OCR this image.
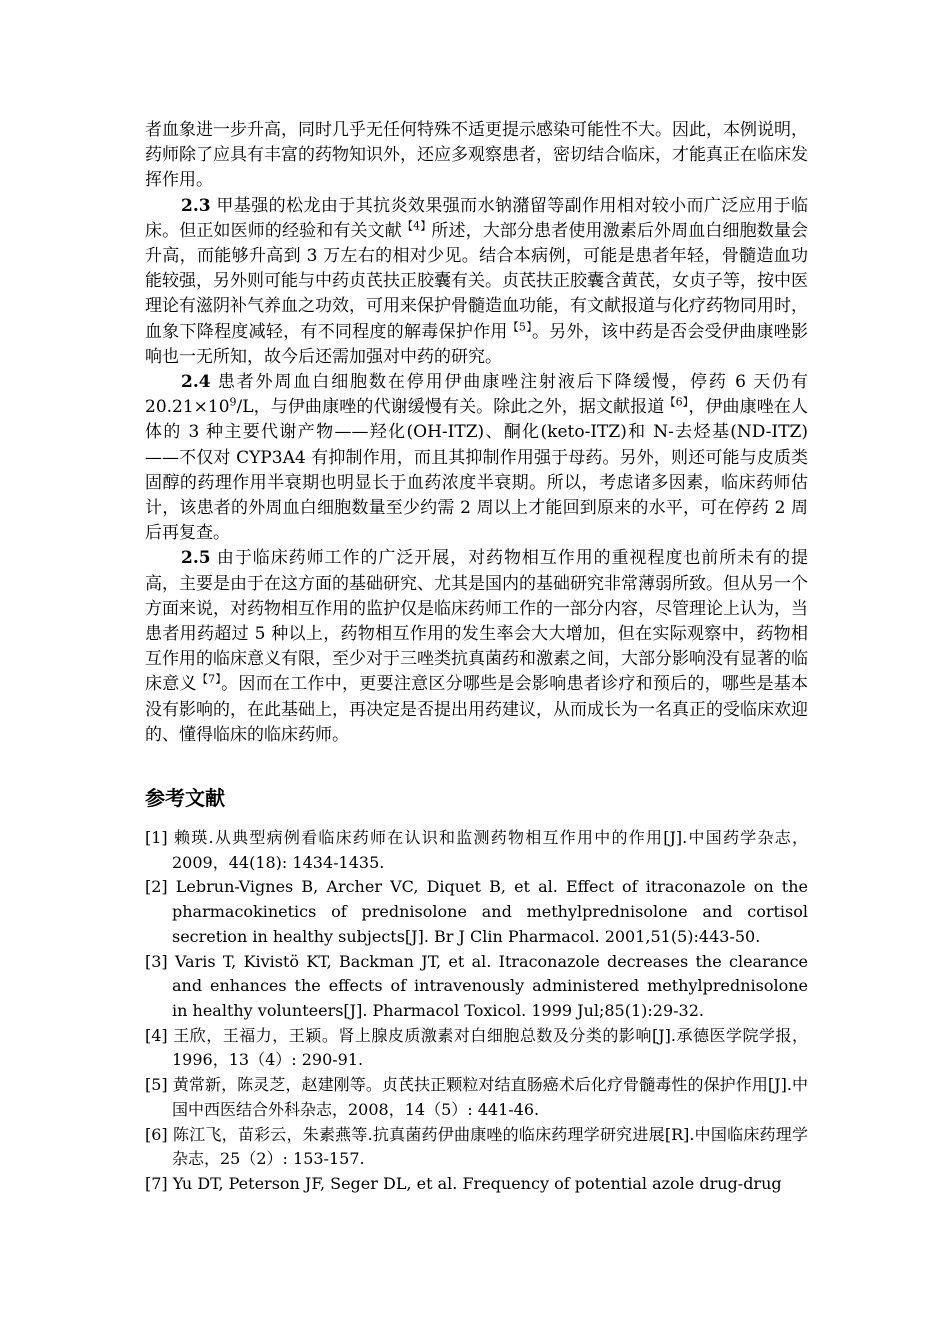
者血象进一步升高，同时几乎无任何特殊不适更提示感染可能性不大。因此，本例说明，药师除了应具有丰富的药物知识外，还应多观察患者，密切结合临床，才能真正在临床发挥作用。

2.3 甲基强的松龙由于其抗炎效果强而水钠潴留等副作用相对较小而广泛应用于临床。但正如医师的经验和有关文献$^{【4】}$所述，大部分患者使用激素后外周血白细胞数量会升高，而能够升高到 3 万左右的相对少见。结合本病例，可能是患者年轻，骨髓造血功能较强，另外则可能与中药贞芪扶正胶囊有关。贞芪扶正胶囊含黄芪，女贞子等，按中医理论有滋阴补气养血之功效，可用来保护骨髓造血功能，有文献报道与化疗药物同用时，血象下降程度减轻，有不同程度的解毒保护作用$^{【5】}$。另外，该中药是否会受伊曲康唑影响也一无所知，故今后还需加强对中药的研究。

2.4 患者外周血白细胞数在停用伊曲康唑注射液后下降缓慢，停药 6 天仍有 $20.21\times 10^9/L$，与伊曲康唑的代谢缓慢有关。除此之外，据文献报道$^{【6】}$，伊曲康唑在人体的 3 种主要代谢产物——羟化(OH-ITZ)、酮化(keto-ITZ)和 N-去烃基(ND-ITZ)——不仅对 CYP3A4 有抑制作用，而且其抑制作用强于母药。另外，则还可能与皮质类固醇的药理作用半衰期也明显长于血药浓度半衰期。所以，考虑诸多因素，临床药师估计，该患者的外周血白细胞数量至少约需 2 周以上才能回到原来的水平，可在停药 2 周后再复查。

2.5 由于临床药师工作的广泛开展，对药物相互作用的重视程度也前所未有的提高，主要是由于在这方面的基础研究、尤其是国内的基础研究非常薄弱所致。但从另一个方面来说，对药物相互作用的监护仅是临床药师工作的一部分内容，尽管理论上认为，当患者用药超过 5 种以上，药物相互作用的发生率会大大增加，但在实际观察中，药物相互作用的临床意义有限，至少对于三唑类抗真菌药和激素之间，大部分影响没有显著的临床意义$^{【7】}$。因而在工作中，更要注意区分哪些是会影响患者诊疗和预后的，哪些是基本没有影响的，在此基础上，再决定是否提出用药建议，从而成长为一名真正的受临床欢迎的、懂得临床的临床药师。

参考文献
[1] 赖瑛.从典型病例看临床药师在认识和监测药物相互作用中的作用[J].中国药学杂志，2009，44(18): 1434-1435.
[2] Lebrun-Vignes B, Archer VC, Diquet B, et al. Effect of itraconazole on the pharmacokinetics of prednisolone and methylprednisolone and cortisol secretion in healthy subjects[J]. Br J Clin Pharmacol. 2001,51(5):443-50.
[3] Varis T, Kivistö KT, Backman JT, et al. Itraconazole decreases the clearance and enhances the effects of intravenously administered methylprednisolone in healthy volunteers[J]. Pharmacol Toxicol. 1999 Jul;85(1):29-32.
[4] 王欣，王福力，王颖。肾上腺皮质激素对白细胞总数及分类的影响[J].承德医学院学报，1996，13（4）: 290-91.
[5] 黄常新，陈灵芝，赵建刚等。贞芪扶正颗粒对结直肠癌术后化疗骨髓毒性的保护作用[J].中国中西医结合外科杂志，2008，14（5）: 441-46.
[6] 陈江飞，苗彩云，朱素燕等.抗真菌药伊曲康唑的临床药理学研究进展[R].中国临床药理学杂志，25（2）: 153-157.
[7] Yu DT, Peterson JF, Seger DL, et al. Frequency of potential azole drug-drug
